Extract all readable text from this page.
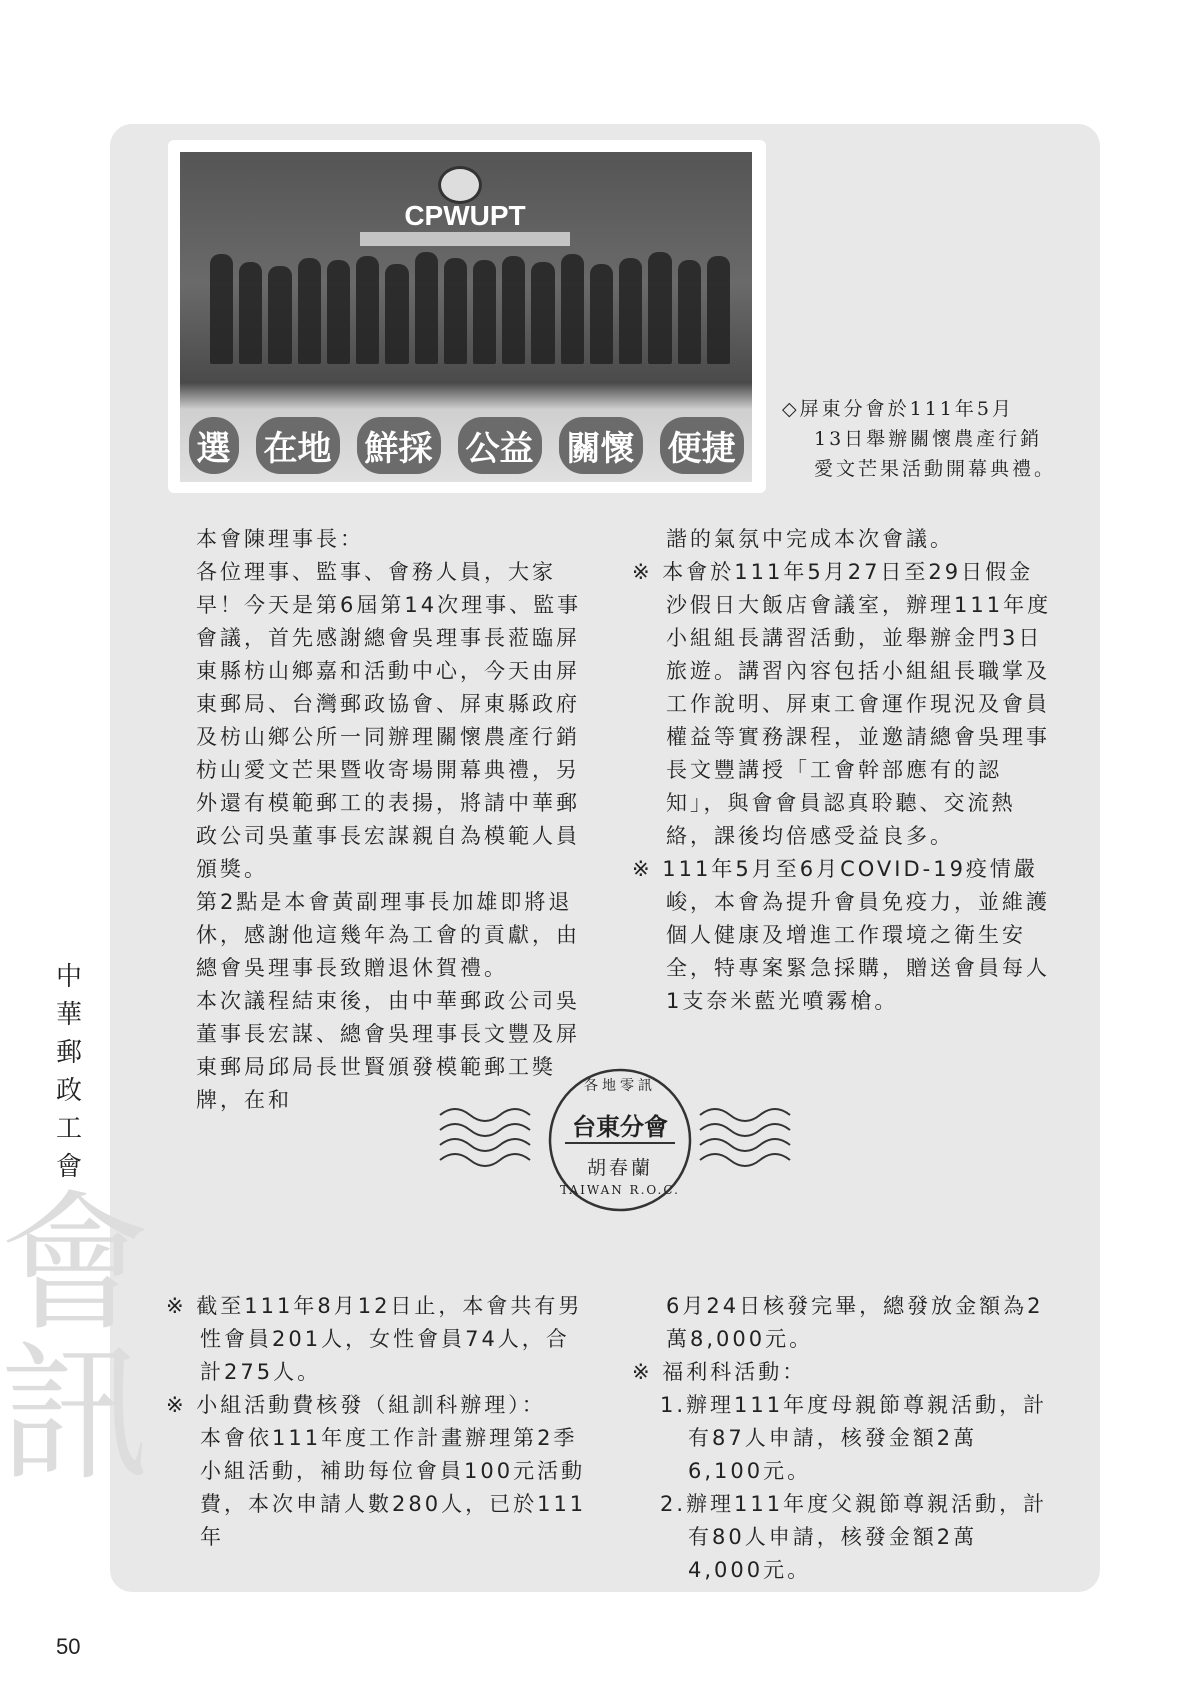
CPWUPT
選 在地 鮮採 公益 關懷 便捷
◇屏東分會於111年5月
13日舉辦關懷農產行銷
愛文芒果活動開幕典禮。

本會陳理事長：

各位理事、監事、會務人員，大家早！今天是第6屆第14次理事、監事會議，首先感謝總會吳理事長蒞臨屏東縣枋山鄉嘉和活動中心，今天由屏東郵局、台灣郵政協會、屏東縣政府及枋山鄉公所一同辦理關懷農產行銷枋山愛文芒果暨收寄場開幕典禮，另外還有模範郵工的表揚，將請中華郵政公司吳董事長宏謀親自為模範人員頒獎。

第2點是本會黃副理事長加雄即將退休，感謝他這幾年為工會的貢獻，由總會吳理事長致贈退休賀禮。

本次議程結束後，由中華郵政公司吳董事長宏謀、總會吳理事長文豐及屏東郵局邱局長世賢頒發模範郵工獎牌，在和

諧的氣氛中完成本次會議。

※ 本會於111年5月27日至29日假金沙假日大飯店會議室，辦理111年度小組組長講習活動，並舉辦金門3日旅遊。講習內容包括小組組長職掌及工作說明、屏東工會運作現況及會員權益等實務課程，並邀請總會吳理事長文豐講授「工會幹部應有的認知」，與會會員認真聆聽、交流熱絡，課後均倍感受益良多。

※ 111年5月至6月COVID-19疫情嚴峻，本會為提升會員免疫力，並維護個人健康及增進工作環境之衛生安全，特專案緊急採購，贈送會員每人1支奈米藍光噴霧槍。

各地零訊
台東分會
胡春蘭
TAIWAN R.O.C.

※ 截至111年8月12日止，本會共有男性會員201人，女性會員74人，合計275人。

※ 小組活動費核發（組訓科辦理）：

本會依111年度工作計畫辦理第2季小組活動，補助每位會員100元活動費，本次申請人數280人，已於111年

6月24日核發完畢，總發放金額為2萬8,000元。

※ 福利科活動：

1.辦理111年度母親節尊親活動，計有87人申請，核發金額2萬6,100元。

2.辦理111年度父親節尊親活動，計有80人申請，核發金額2萬4,000元。

中
華
郵
政
工
會
會訊
50
